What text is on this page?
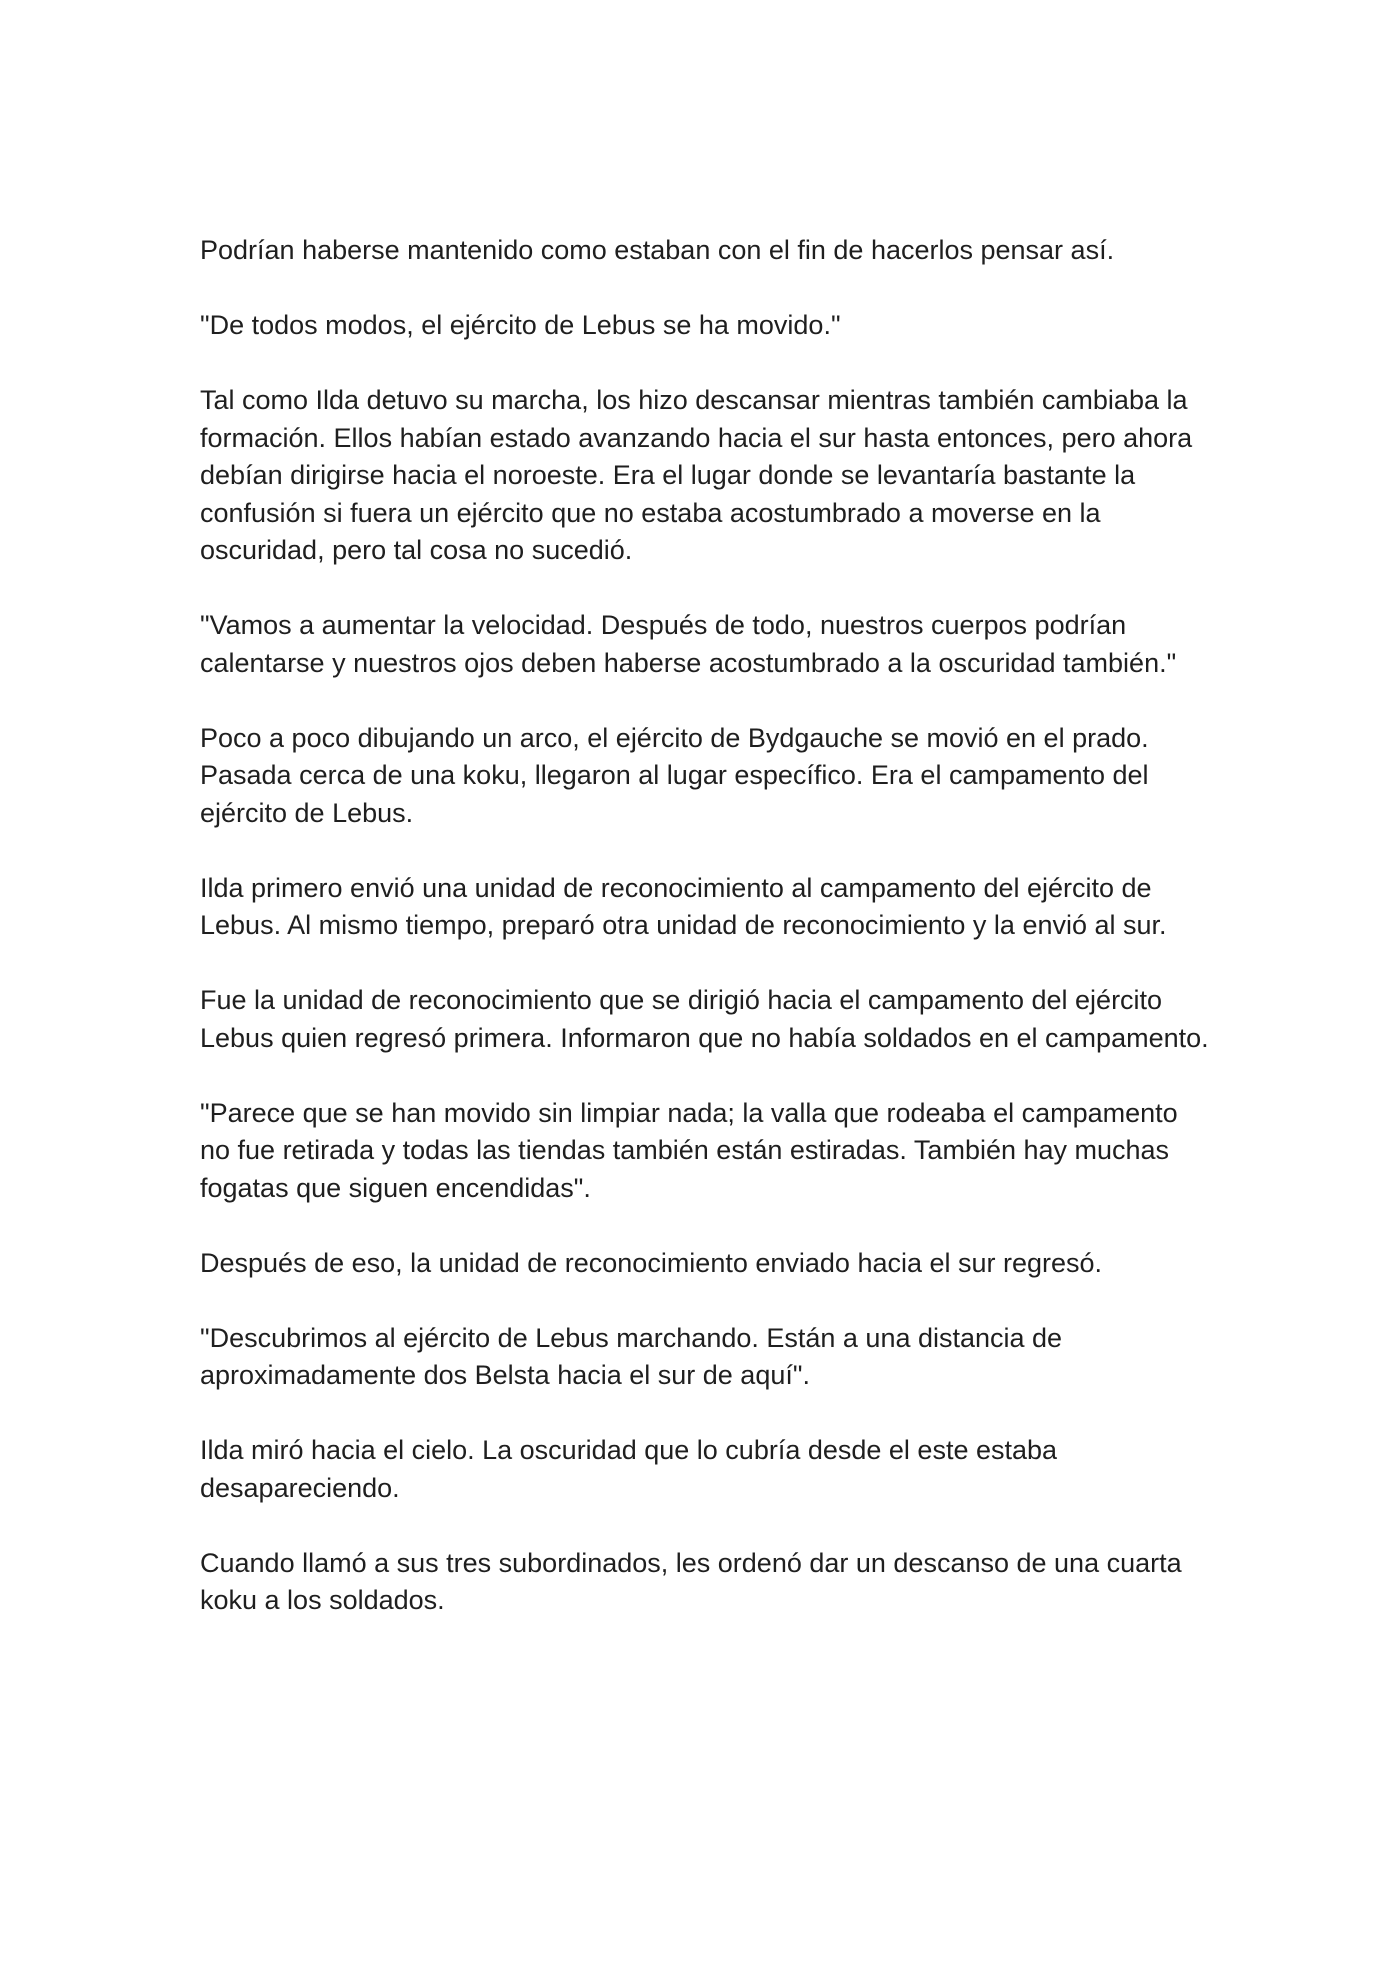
Podrían haberse mantenido como estaban con el fin de hacerlos pensar así.

"De todos modos, el ejército de Lebus se ha movido."

Tal como Ilda detuvo su marcha, los hizo descansar mientras también cambiaba la formación. Ellos habían estado avanzando hacia el sur hasta entonces, pero ahora debían dirigirse hacia el noroeste. Era el lugar donde se levantaría bastante la confusión si fuera un ejército que no estaba acostumbrado a moverse en la oscuridad, pero tal cosa no sucedió.

"Vamos a aumentar la velocidad. Después de todo, nuestros cuerpos podrían calentarse y nuestros ojos deben haberse acostumbrado a la oscuridad también."

Poco a poco dibujando un arco, el ejército de Bydgauche se movió en el prado. Pasada cerca de una koku, llegaron al lugar específico. Era el campamento del ejército de Lebus.

Ilda primero envió una unidad de reconocimiento al campamento del ejército de Lebus. Al mismo tiempo, preparó otra unidad de reconocimiento y la envió al sur.

Fue la unidad de reconocimiento que se dirigió hacia el campamento del ejército Lebus quien regresó primera. Informaron que no había soldados en el campamento.

"Parece que se han movido sin limpiar nada; la valla que rodeaba el campamento no fue retirada y todas las tiendas también están estiradas. También hay muchas fogatas que siguen encendidas".

Después de eso, la unidad de reconocimiento enviado hacia el sur regresó.

"Descubrimos al ejército de Lebus marchando. Están a una distancia de aproximadamente dos Belsta hacia el sur de aquí".

Ilda miró hacia el cielo. La oscuridad que lo cubría desde el este estaba desapareciendo.

Cuando llamó a sus tres subordinados, les ordenó dar un descanso de una cuarta koku a los soldados.
